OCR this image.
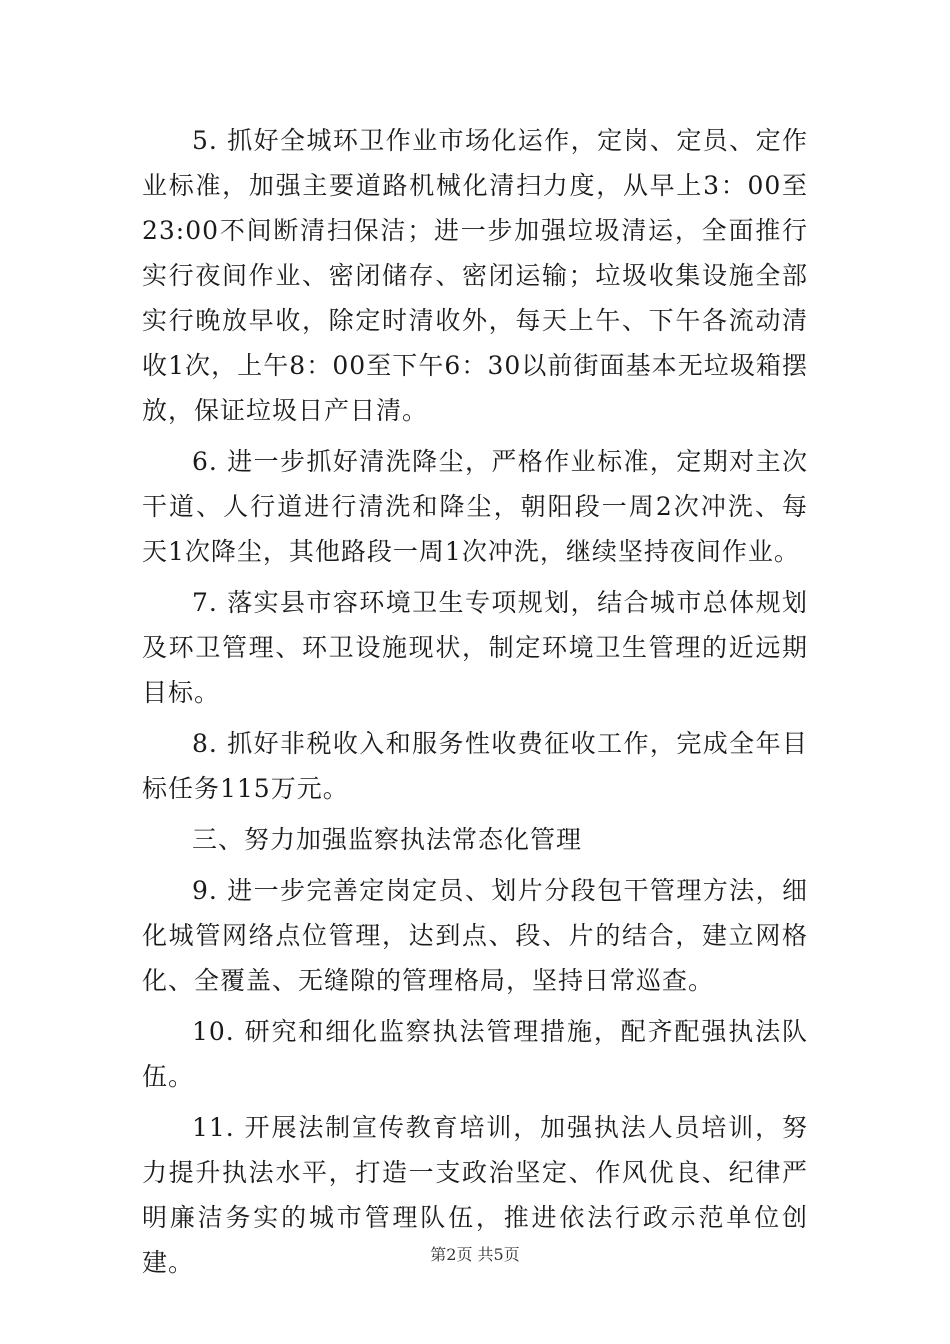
5. 抓好全城环卫作业市场化运作，定岗、定员、定作业标准，加强主要道路机械化清扫力度，从早上3：00至23:00不间断清扫保洁；进一步加强垃圾清运，全面推行实行夜间作业、密闭储存、密闭运输；垃圾收集设施全部实行晚放早收，除定时清收外，每天上午、下午各流动清收1次，上午8：00至下午6：30以前街面基本无垃圾箱摆放，保证垃圾日产日清。

6. 进一步抓好清洗降尘，严格作业标准，定期对主次干道、人行道进行清洗和降尘，朝阳段一周2次冲洗、每天1次降尘，其他路段一周1次冲洗，继续坚持夜间作业。

7. 落实县市容环境卫生专项规划，结合城市总体规划及环卫管理、环卫设施现状，制定环境卫生管理的近远期目标。

8. 抓好非税收入和服务性收费征收工作，完成全年目标任务115万元。

三、努力加强监察执法常态化管理

9. 进一步完善定岗定员、划片分段包干管理方法，细化城管网络点位管理，达到点、段、片的结合，建立网格化、全覆盖、无缝隙的管理格局，坚持日常巡查。

10. 研究和细化监察执法管理措施，配齐配强执法队伍。

11. 开展法制宣传教育培训，加强执法人员培训，努力提升执法水平，打造一支政治坚定、作风优良、纪律严明廉洁务实的城市管理队伍，推进依法行政示范单位创建。	第2页 共5页
